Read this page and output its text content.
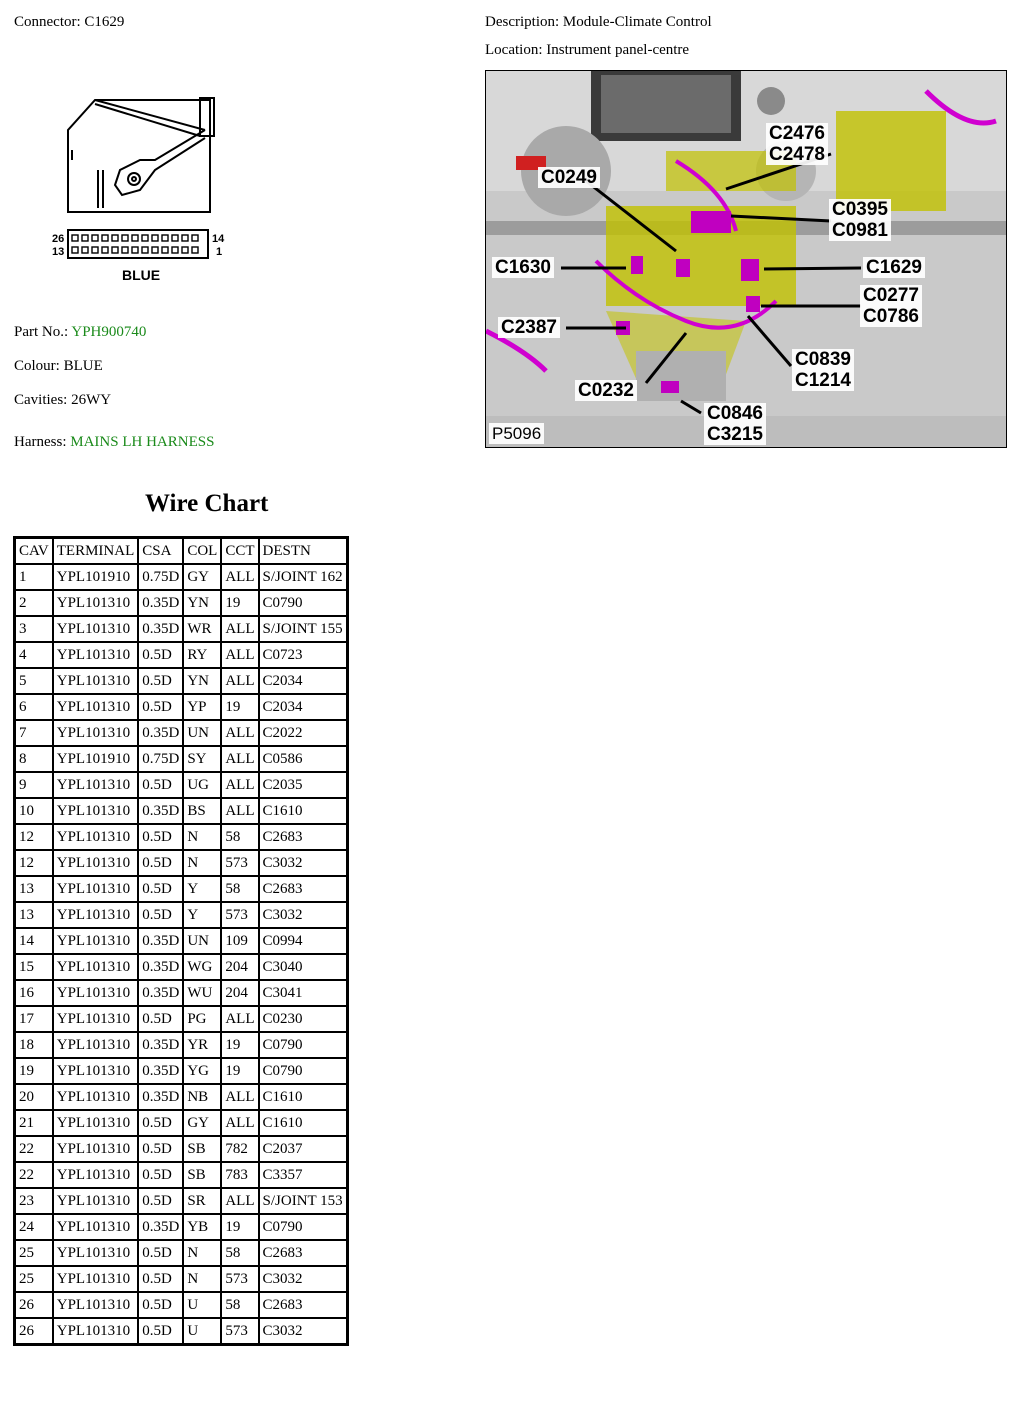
Connector: C1629	Description: Module-Climate Control
Location: Instrument panel-centre
26
13
14
1
BLUE
Part No.: YPH900740
Colour: BLUE
Cavities: 26WY
Harness: MAINS LH HARNESS
C2476
C2478
C0249
C0395
C0981
C1630	C1629
C0277
C0786
C2387
C0839
C1214
C0232
C0846
C3215
P5096
Wire Chart
CAV	TERMINAL	CSA	COL	CCT	DESTN
1	YPL101910	0.75D	GY	ALL	S/JOINT 162
2	YPL101310	0.35D	YN	19	C0790
3	YPL101310	0.35D	WR	ALL	S/JOINT 155
4	YPL101310	0.5D	RY	ALL	C0723
5	YPL101310	0.5D	YN	ALL	C2034
6	YPL101310	0.5D	YP	19	C2034
7	YPL101310	0.35D	UN	ALL	C2022
8	YPL101910	0.75D	SY	ALL	C0586
9	YPL101310	0.5D	UG	ALL	C2035
10	YPL101310	0.35D	BS	ALL	C1610
12	YPL101310	0.5D	N	58	C2683
12	YPL101310	0.5D	N	573	C3032
13	YPL101310	0.5D	Y	58	C2683
13	YPL101310	0.5D	Y	573	C3032
14	YPL101310	0.35D	UN	109	C0994
15	YPL101310	0.35D	WG	204	C3040
16	YPL101310	0.35D	WU	204	C3041
17	YPL101310	0.5D	PG	ALL	C0230
18	YPL101310	0.35D	YR	19	C0790
19	YPL101310	0.35D	YG	19	C0790
20	YPL101310	0.35D	NB	ALL	C1610
21	YPL101310	0.5D	GY	ALL	C1610
22	YPL101310	0.5D	SB	782	C2037
22	YPL101310	0.5D	SB	783	C3357
23	YPL101310	0.5D	SR	ALL	S/JOINT 153
24	YPL101310	0.35D	YB	19	C0790
25	YPL101310	0.5D	N	58	C2683
25	YPL101310	0.5D	N	573	C3032
26	YPL101310	0.5D	U	58	C2683
26	YPL101310	0.5D	U	573	C3032
